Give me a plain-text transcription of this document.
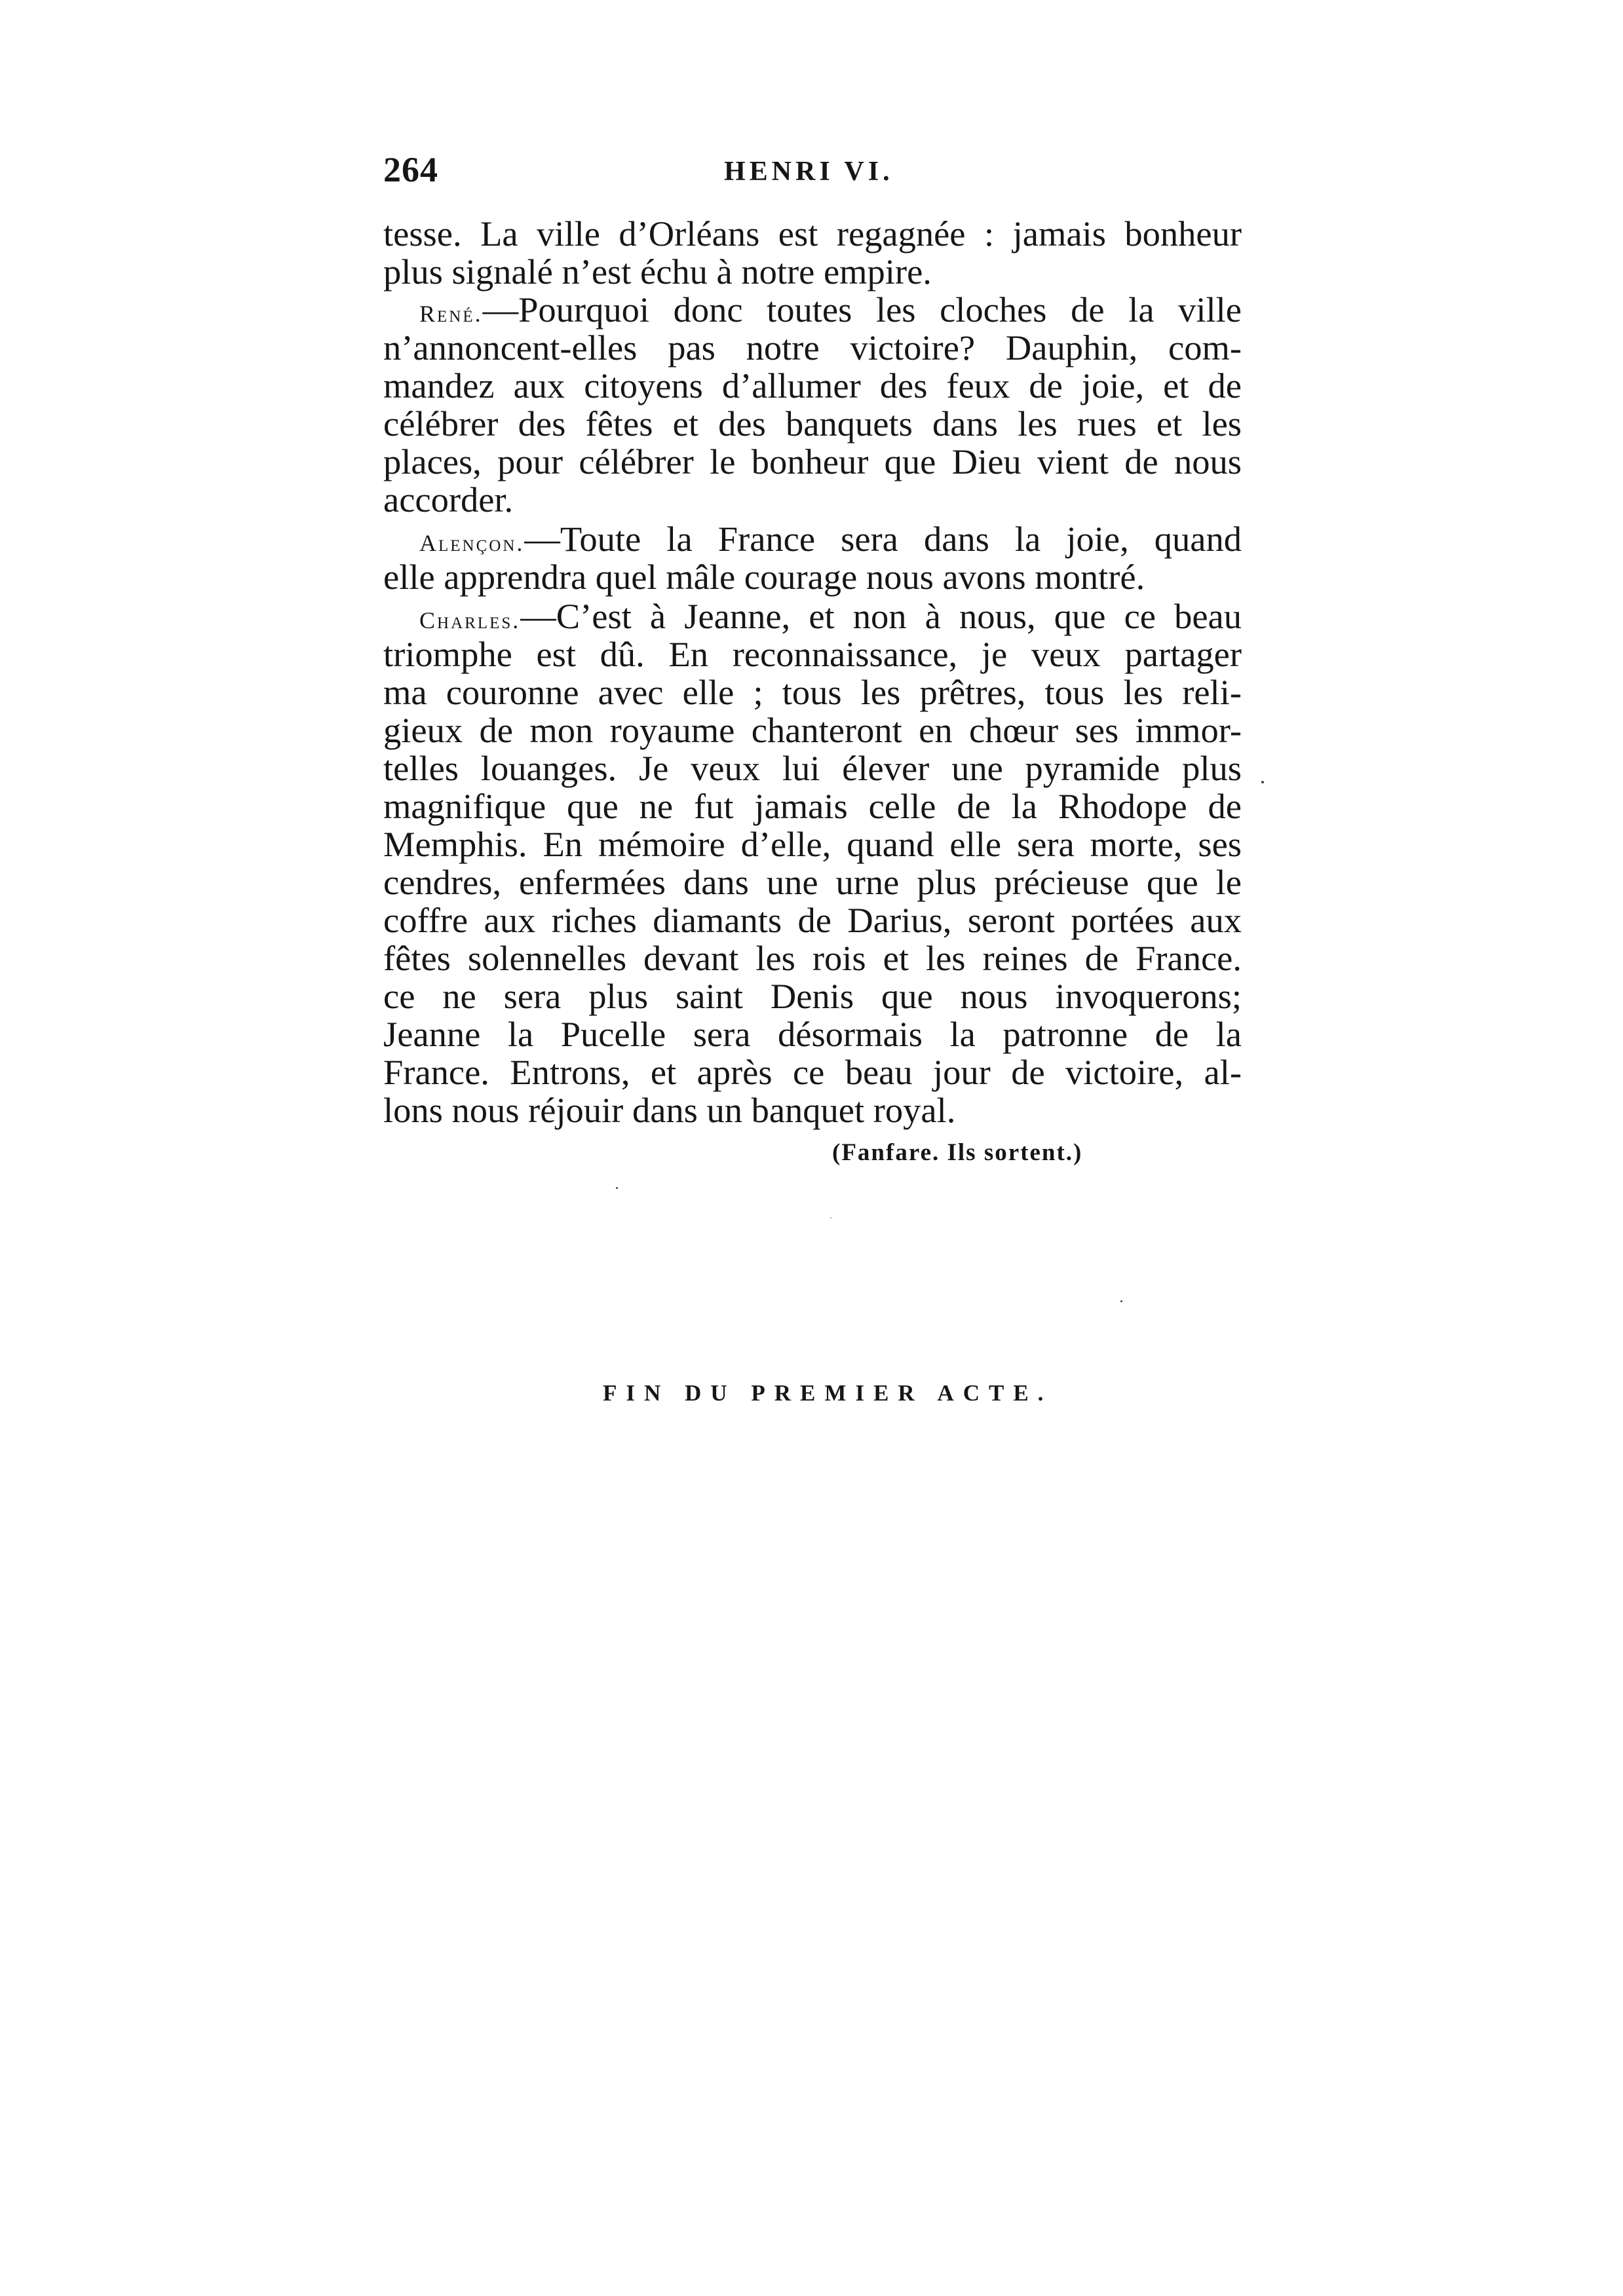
264	HENRI VI.
tesse. La ville d’Orléans est regagnée : jamais bonheur
plus signalé n’est échu à notre empire.
René.—Pourquoi donc toutes les cloches de la ville
n’annoncent-elles pas notre victoire? Dauphin, com-
mandez aux citoyens d’allumer des feux de joie, et de
célébrer des fêtes et des banquets dans les rues et les
places, pour célébrer le bonheur que Dieu vient de nous
accorder.
Alençon.—Toute la France sera dans la joie, quand
elle apprendra quel mâle courage nous avons montré.
Charles.—C’est à Jeanne, et non à nous, que ce beau
triomphe est dû. En reconnaissance, je veux partager
ma couronne avec elle ; tous les prêtres, tous les reli-
gieux de mon royaume chanteront en chœur ses immor-
telles louanges. Je veux lui élever une pyramide plus
magnifique que ne fut jamais celle de la Rhodope de
Memphis. En mémoire d’elle, quand elle sera morte, ses
cendres, enfermées dans une urne plus précieuse que le
coffre aux riches diamants de Darius, seront portées aux
fêtes solennelles devant les rois et les reines de France.
ce ne sera plus saint Denis que nous invoquerons;
Jeanne la Pucelle sera désormais la patronne de la
France. Entrons, et après ce beau jour de victoire, al-
lons nous réjouir dans un banquet royal.
(Fanfare. Ils sortent.)
FIN DU PREMIER ACTE.
